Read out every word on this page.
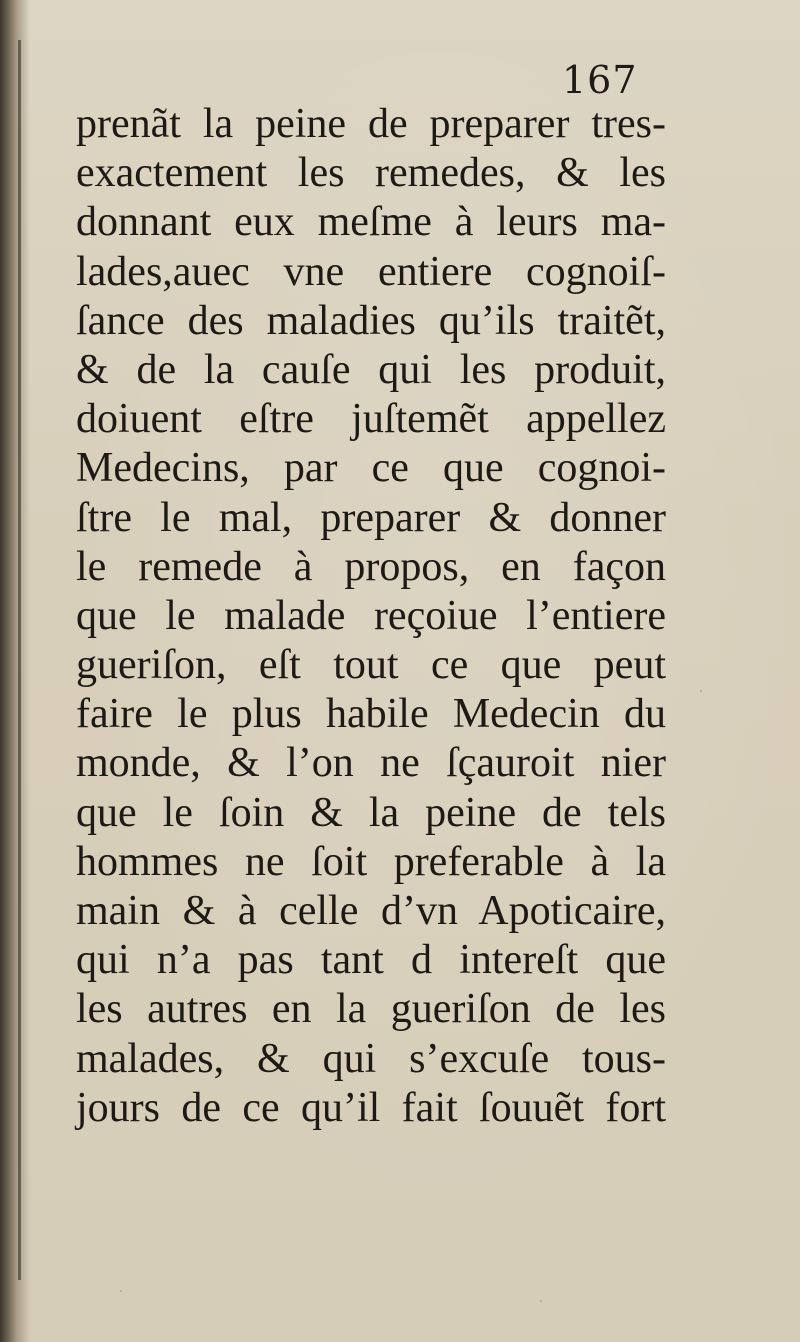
167
prenãt la peine de preparer tres-
exactement les remedes, & les
donnant eux meſme à leurs ma-
lades,auec vne entiere cognoiſ-
ſance des maladies qu’ils traitẽt,
& de la cauſe qui les produit,
doiuent eſtre juſtemẽt appellez
Medecins, par ce que cognoi-
ſtre le mal, preparer & donner
le remede à propos, en façon
que le malade reçoiue l’entiere
gueriſon, eſt tout ce que peut
faire le plus habile Medecin du
monde, & l’on ne ſçauroit nier
que le ſoin & la peine de tels
hommes ne ſoit preferable à la
main & à celle d’vn Apoticaire,
qui n’a pas tant d intereſt que
les autres en la gueriſon de les
malades, & qui s’excuſe tous-
jours de ce qu’il fait ſouuẽt fort
